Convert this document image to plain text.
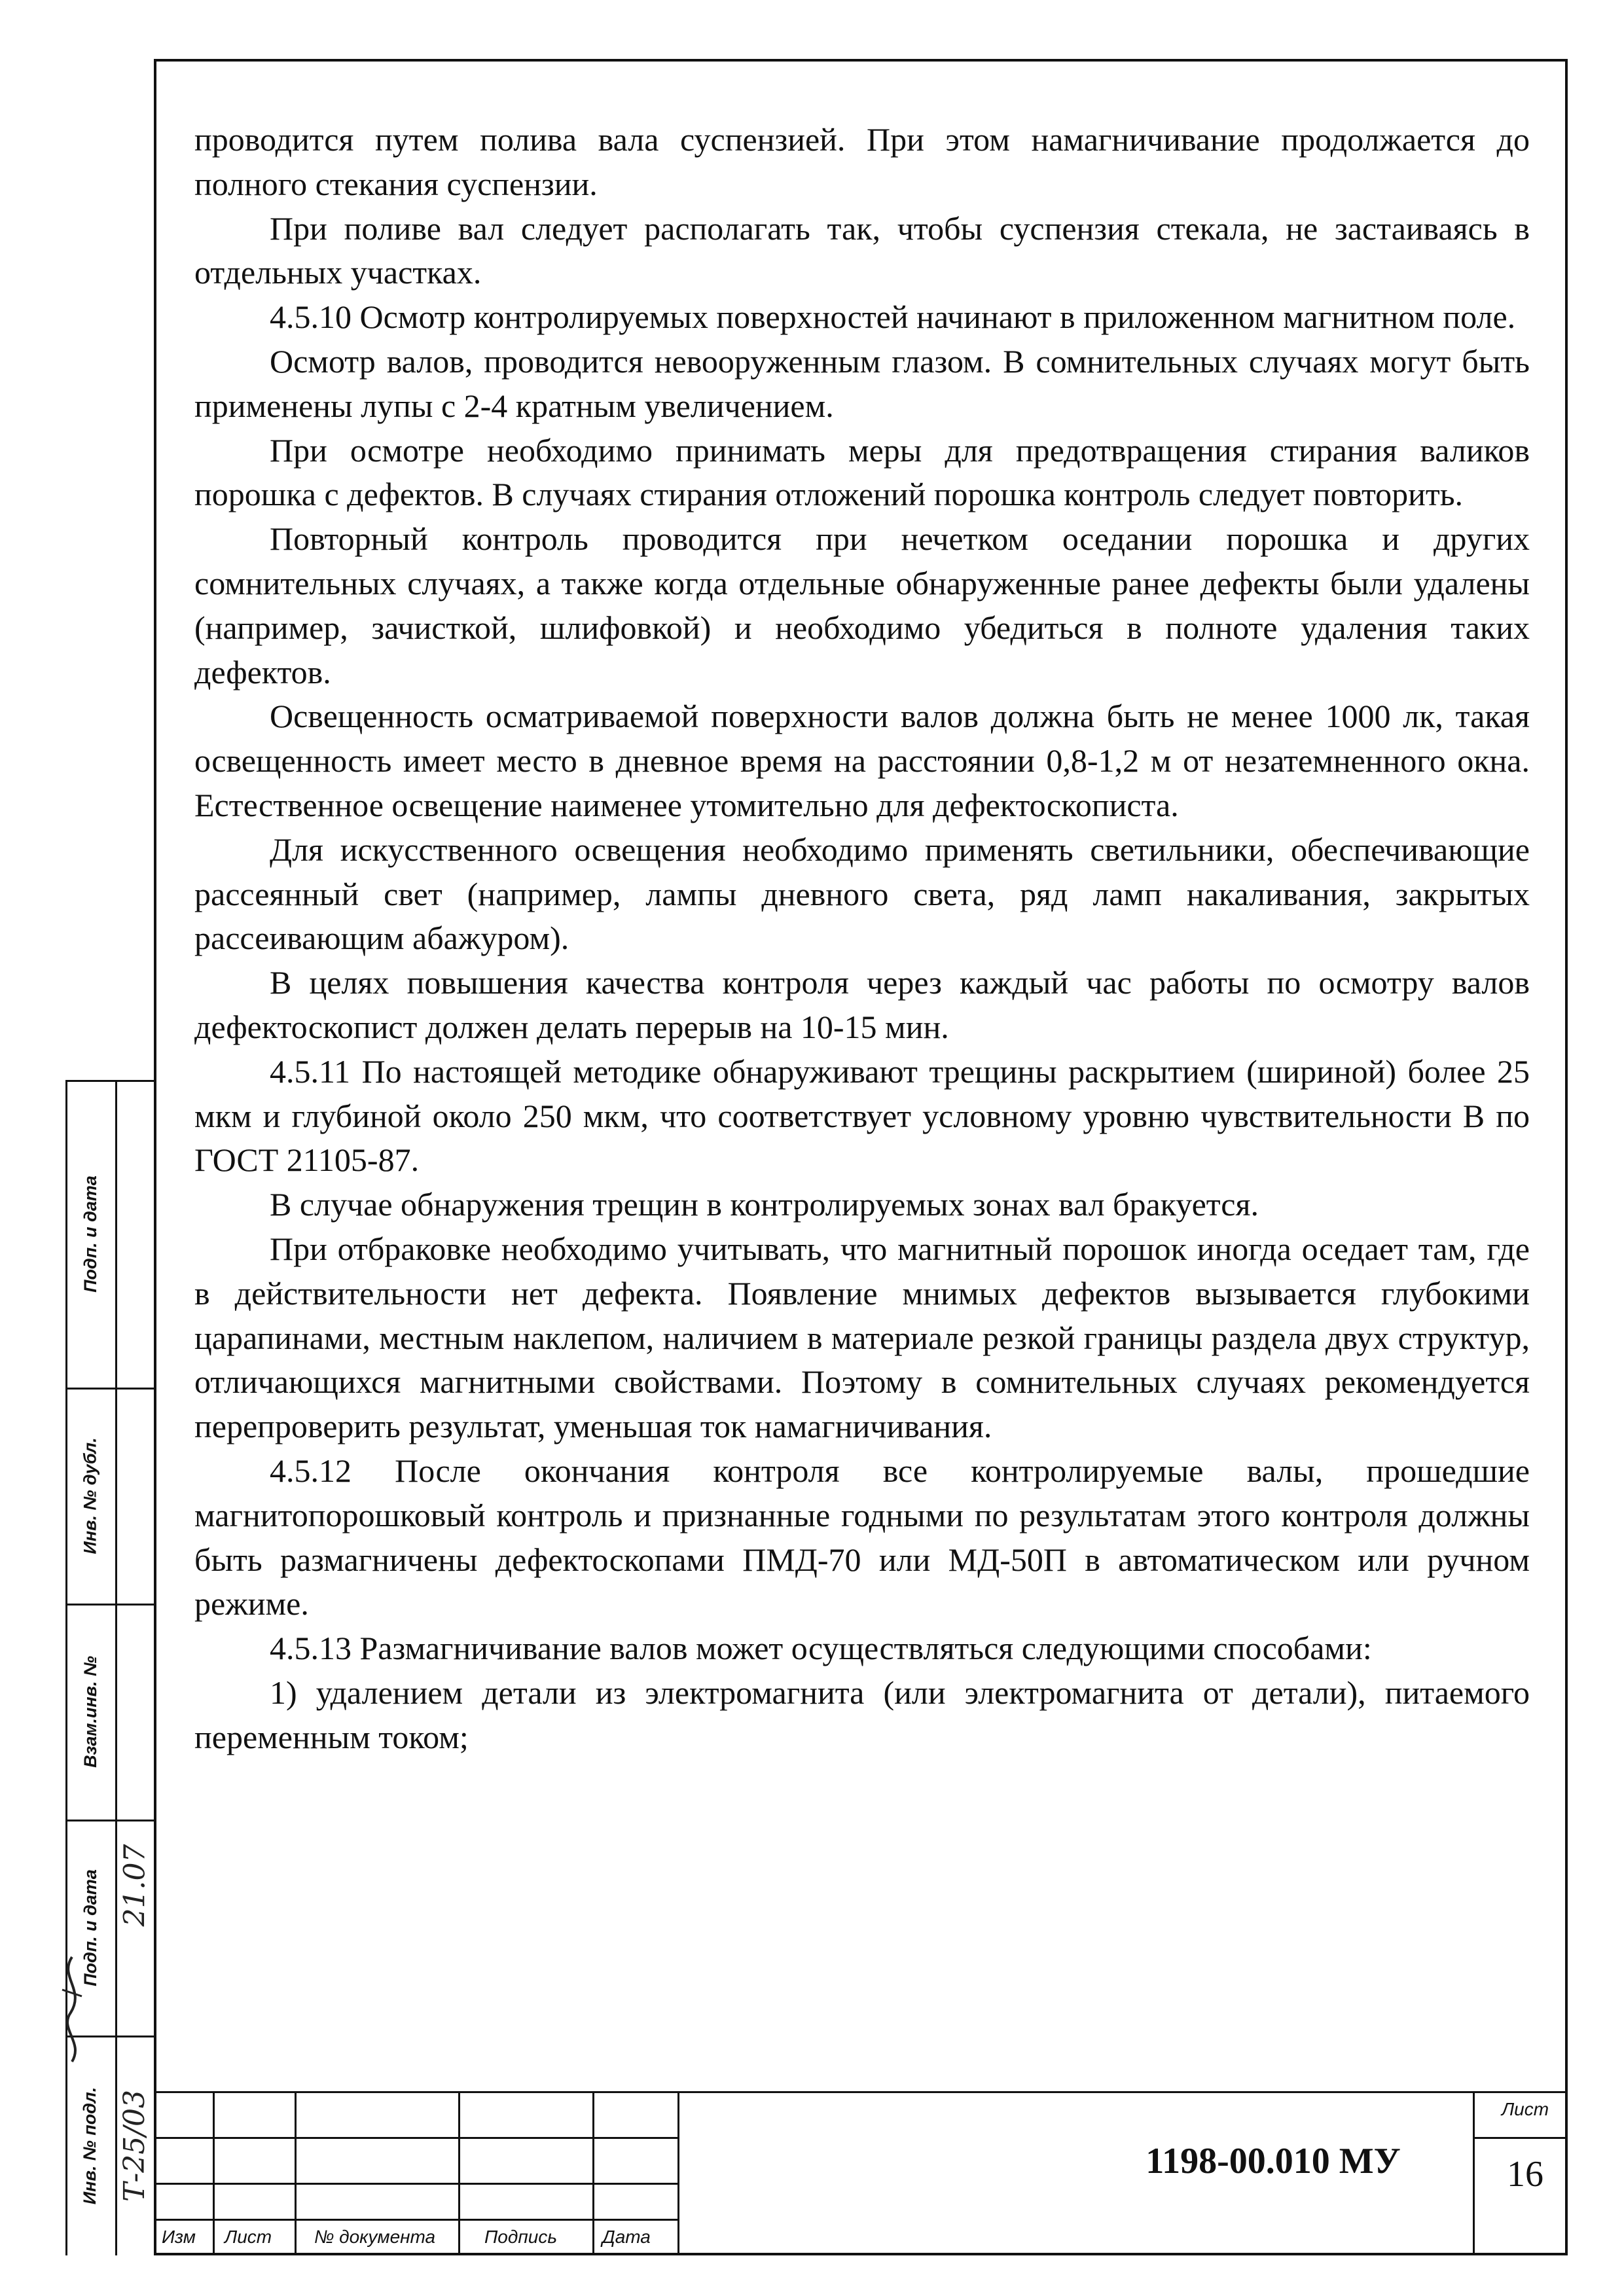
проводится путем полива вала суспензией. При этом намагничивание продолжается до полного стекания суспензии.

При поливе вал следует располагать так, чтобы суспензия стекала, не застаиваясь в отдельных участках.

4.5.10 Осмотр контролируемых поверхностей начинают в приложенном магнитном поле.

Осмотр валов, проводится невооруженным глазом. В сомнительных случаях могут быть применены лупы с 2-4 кратным увеличением.

При осмотре необходимо принимать меры для предотвращения стирания валиков порошка с дефектов. В случаях стирания отложений порошка контроль следует повторить.

Повторный контроль проводится при нечетком оседании порошка и других сомнительных случаях, а также когда отдельные обнаруженные ранее дефекты были удалены (например, зачисткой, шлифовкой) и необходимо убедиться в полноте удаления таких дефектов.

Освещенность осматриваемой поверхности валов должна быть не менее 1000 лк, такая освещенность имеет место в дневное время на расстоянии 0,8-1,2 м от незатемненного окна. Естественное освещение наименее утомительно для дефектоскописта.

Для искусственного освещения необходимо применять светильники, обеспечивающие рассеянный свет (например, лампы дневного света, ряд ламп накаливания, закрытых рассеивающим абажуром).

В целях повышения качества контроля через каждый час работы по осмотру валов дефектоскопист должен делать перерыв на 10-15 мин.

4.5.11 По настоящей методике обнаруживают трещины раскрытием (шириной) более 25 мкм и глубиной около 250 мкм, что соответствует условному уровню чувствительности В по ГОСТ 21105-87.

В случае обнаружения трещин в контролируемых зонах вал бракуется.

При отбраковке необходимо учитывать, что магнитный порошок иногда оседает там, где в действительности нет дефекта. Появление мнимых дефектов вызывается глубокими царапинами, местным наклепом, наличием в материале резкой границы раздела двух структур, отличающихся магнитными свойствами. Поэтому в сомнительных случаях рекомендуется перепроверить результат, уменьшая ток намагничивания.

4.5.12 После окончания контроля все контролируемые валы, прошедшие магнитопорошковый контроль и признанные годными по результатам этого контроля должны быть размагничены дефектоскопами ПМД-70 или МД-50П в автоматическом или ручном режиме.

4.5.13 Размагничивание валов может осуществляться следующими способами:

1) удалением детали из электромагнита (или электромагнита от детали), питаемого переменным током;

Подп. и дата
Инв. № дубл.
Взам.инв. №
Подп. и дата
Инв. № подл.
21.07
Т-25/03
Изм Лист № документа	Подпись Дата
1198-00.010 МУ
Лист
16
